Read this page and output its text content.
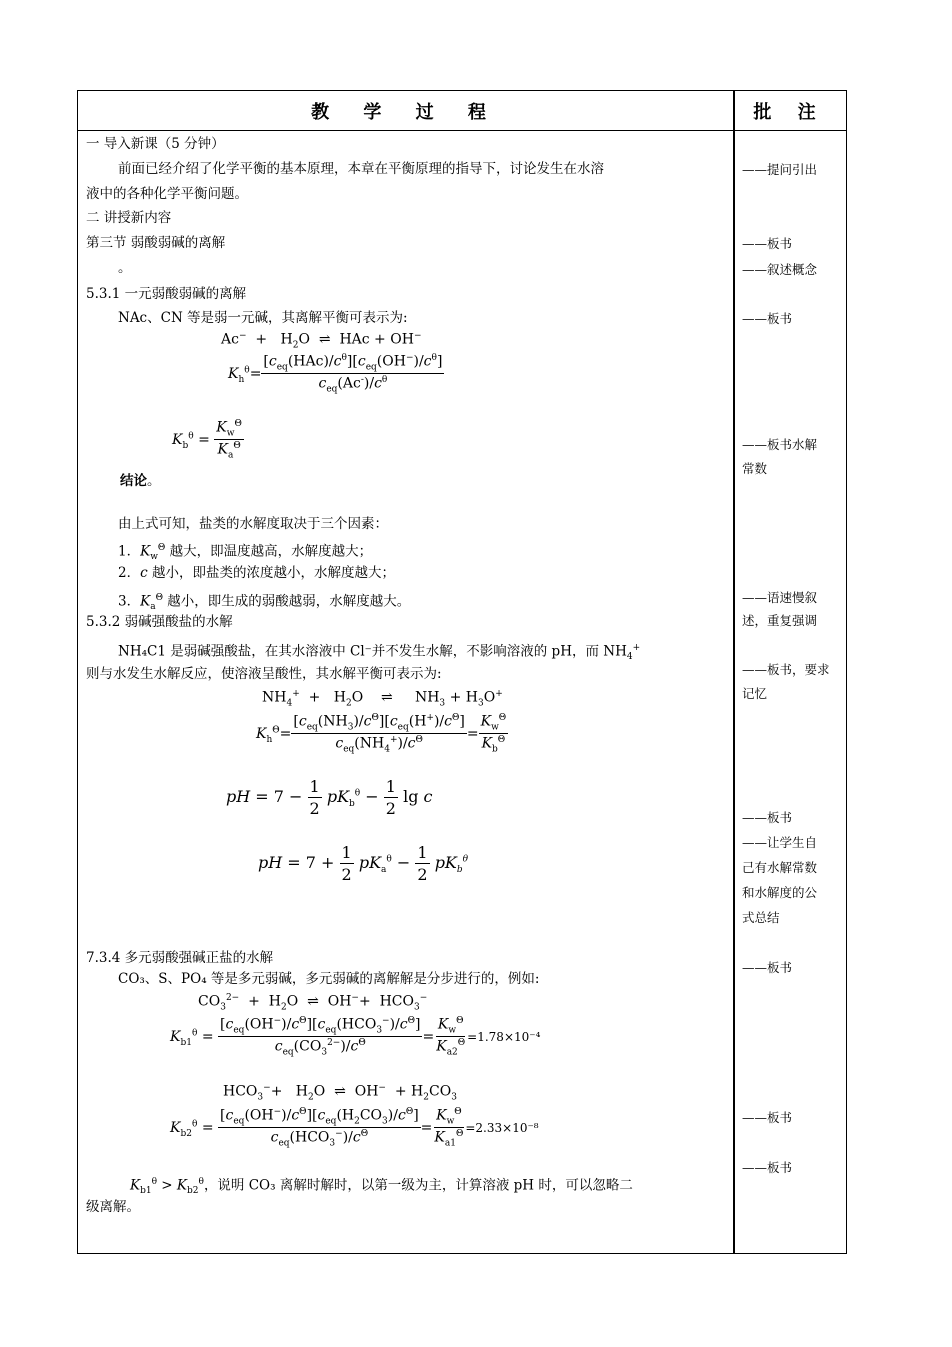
教 学 过 程	批 注
一 导入新课（5 分钟）
前面已经介绍了化学平衡的基本原理，本章在平衡原理的指导下，讨论发生在水溶
液中的各种化学平衡问题。
二 讲授新内容
第三节 弱酸弱碱的离解
。
5.3.1 一元弱酸弱碱的离解
NAc、CN 等是弱一元碱，其离解平衡可表示为:
$Ac^- + H_2O$  ⇌  HAc + OH−
$K_h^\theta= \frac{[c_{eq}(HAc)/c^\theta][c_{eq}(OH^-)/c^\theta]}{c_{eq}(Ac^-)/c^\theta}$
$K_b^\theta = \frac{K_w^\Theta}{K_a^\Theta}$
结论。
由上式可知，盐类的水解度取决于三个因素：
1．$K_w^\Theta$ 越大，即温度越高，水解度越大；
2．c 越小，即盐类的浓度越小，水解度越大；
3．$K_a^\Theta$ 越小，即生成的弱酸越弱，水解度越大。
5.3.2 弱碱强酸盐的水解
NH₄C1 是弱碱强酸盐，在其水溶液中 Cl⁻并不发生水解，不影响溶液的 pH，而 $NH_4^+$
则与水发生水解反应，使溶液呈酸性，其水解平衡可表示为:
$NH_4^+ + H_2O$    ⇌     $NH_3 + H_3O^+$
$K_h^\Theta= \frac{[c_{eq}(NH_3)/c^\Theta][c_{eq}(H^+)/c^\Theta]}{c_{eq}(NH_4^+)/c^\Theta} = \frac{K_w^\Theta}{K_b^\Theta}$
pH = $7 - \frac{1}{2} pK_b^\theta - \frac{1}{2}$ lg c
pH = $7 + \frac{1}{2} pK_a^\theta - \frac{1}{2} pK_b^\theta$
7.3.4 多元弱酸强碱正盐的水解
CO₃、S、PO₄ 等是多元弱碱，多元弱碱的离解解是分步进行的，例如:
$CO_3^{2-} + H_2O$  ⇌  $OH^-+ HCO_3^-$
$K_{b1}^\theta = \frac{[c_{eq}(OH^-)/c^\Theta][c_{eq}(HCO_3^-)/c^\Theta]}{c_{eq}(CO_3^{2-})/c^\Theta} = \frac{K_w^\Theta}{K_{a2}^\Theta} =1.78\times 10^{-4}$
$HCO_3^-+ H_2O$  ⇌  $OH^- + H_2CO_3$
$K_{b2}^\theta = \frac{[c_{eq}(OH^-)/c^\Theta][c_{eq}(H_2CO_3)/c^\Theta]}{c_{eq}(HCO_3^-)/c^\Theta} = \frac{K_w^\Theta}{K_{a1}^\Theta} =2.33\times 10^{-8}$
$K_{b1}^\theta > K_{b2}^\theta$，说明 CO₃ 离解时解时，以第一级为主，计算溶液 pH 时，可以忽略二
级离解。
——提问引出
——板书
——叙述概念
——板书
——板书水解
常数
——语速慢叙
述，重复强调
——板书，要求
记忆
——板书
——让学生自
己有水解常数
和水解度的公
式总结
——板书
——板书
——板书
